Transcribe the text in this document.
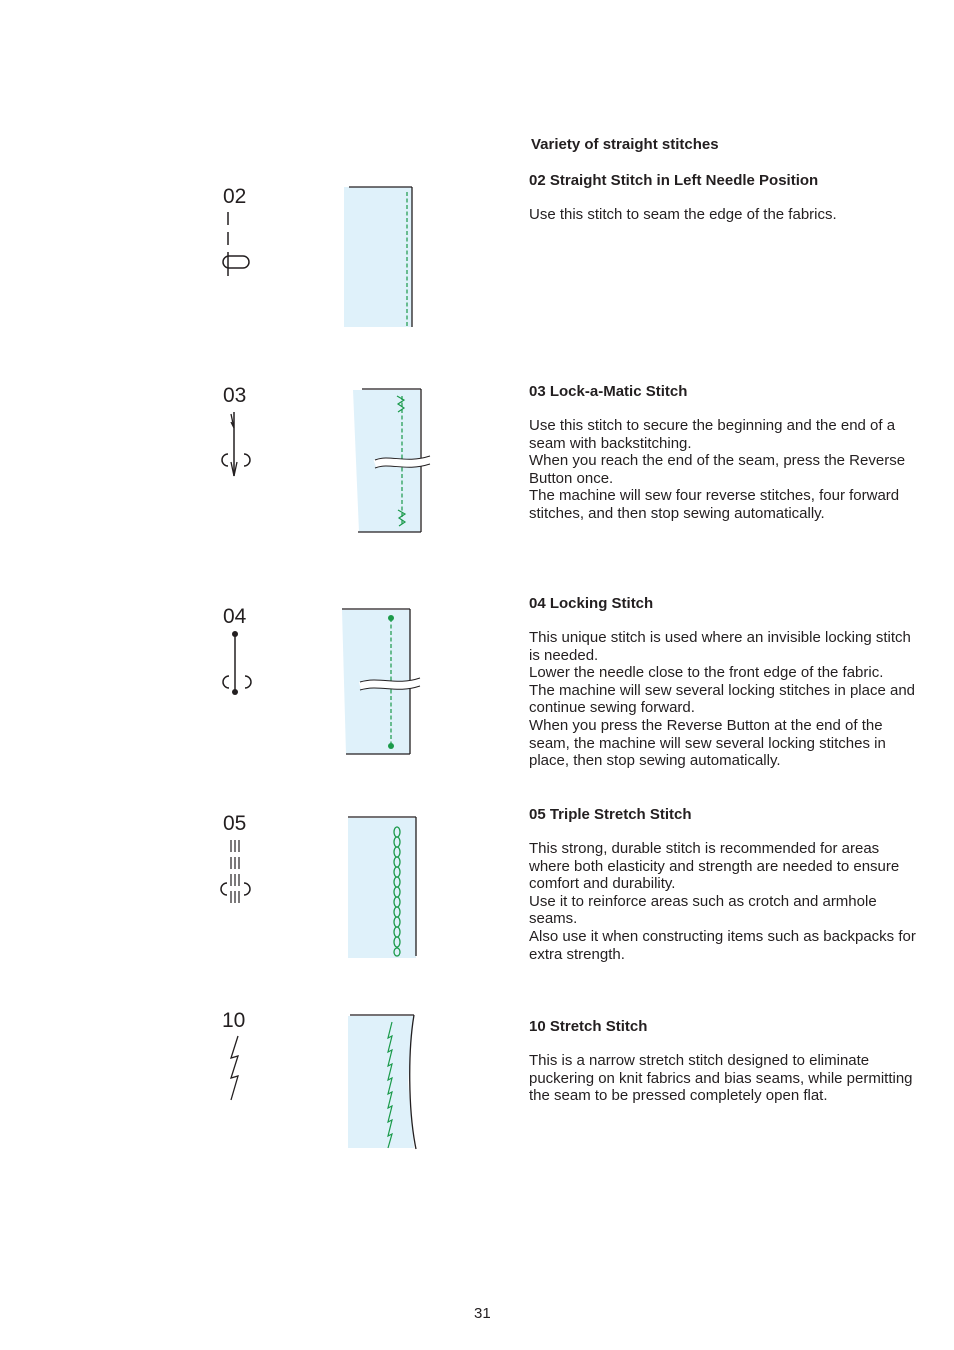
Variety of straight stitches
02

02 Straight Stitch in Left Needle Position

Use this stitch to seam the edge of the fabrics.

03	03 Lock-a-Matic Stitch

Use this stitch to secure the beginning and the end of a seam with backstitching.
When you reach the end of the seam, press the Reverse Button once.
The machine will sew four reverse stitches, four forward stitches, and then stop sewing automatically.

04

04 Locking Stitch

This unique stitch is used where an invisible locking stitch is needed.
Lower the needle close to the front edge of the fabric.
The machine will sew several locking stitches in place and continue sewing forward.
When you press the Reverse Button at the end of the seam, the machine will sew several locking stitches in place, then stop sewing automatically.

05	05 Triple Stretch Stitch

This strong, durable stitch is recommended for areas where both elasticity and strength are needed to ensure comfort and durability.
Use it to reinforce areas such as crotch and armhole seams.
Also use it when constructing items such as backpacks for extra strength.

10	10 Stretch Stitch

This is a narrow stretch stitch designed to eliminate puckering on knit fabrics and bias seams, while permitting the seam to be pressed completely open flat.

31
